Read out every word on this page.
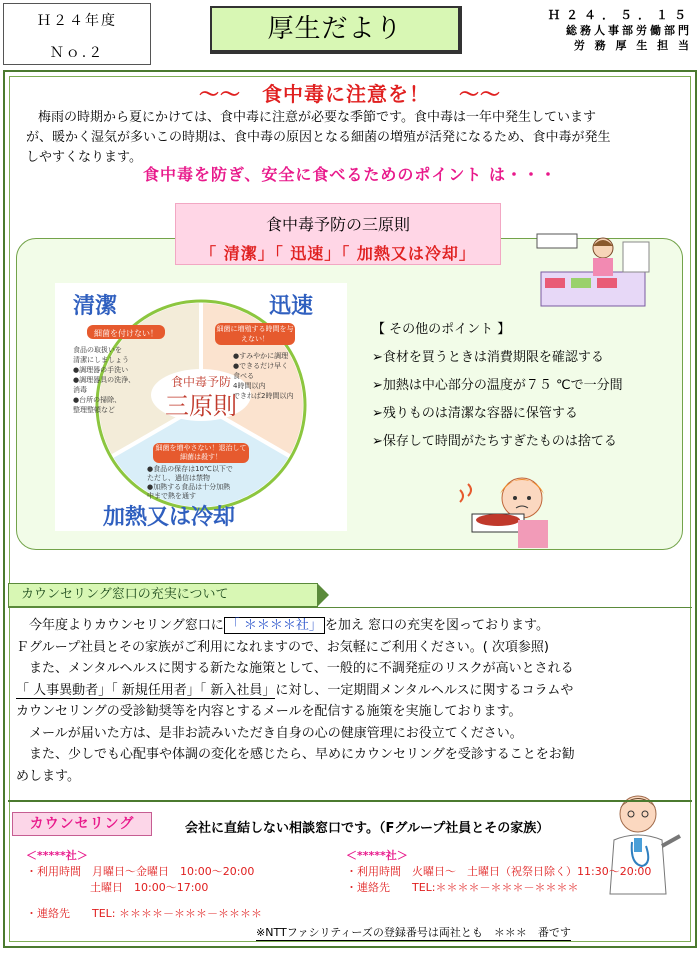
Ｈ２４年度
Ｎｏ.２
厚生だより	Ｈ２４．５．１５
総務人事部労働部門
労 務 厚 生 担 当
～～　食中毒に注意を！　 ～～

梅雨の時期から夏にかけては、食中毒に注意が必要な季節です。食中毒は一年中発生しています

が、暖かく湿気が多いこの時期は、食中毒の原因となる細菌の増殖が活発になるため、食中毒が発生
しやすくなります。
食中毒を防ぎ、安全に食べるためのポイント は・・・
食中毒予防の三原則
「 清潔」「 迅速」「 加熱又は冷却」
食中毒予防
三原則
清潔	迅速
加熱又は冷却
細菌を付けない！	細菌に増殖する時間を与えない！
細菌を増やさない！退治して細菌は殺す！
食品の取扱いを
清潔にしましょう
●調理器の手洗い
●調理器具の洗浄、
消毒
●台所の掃除、
整理整頓など
●すみやかに調理
●できるだけ早く
食べる
4時間以内
できれば2時間以内
●食品の保存は10℃以下で
ただし、過信は禁物
●加熱する食品は十分加熱
中まで熱を通す
【 その他のポイント 】
➢食材を買うときは消費期限を確認する
➢加熱は中心部分の温度が７５ ℃で一分間
➢残りものは清潔な容器に保管する
➢保存して時間がたちすぎたものは捨てる
カウンセリング窓口の充実について
　今年度よりカウンセリング窓口に 「 ＊＊＊＊社」 を加え 窓口の充実を図っております。
Ｆグループ社員とその家族がご利用になれますので、お気軽にご利用ください。( 次項参照)
　また、メンタルヘルスに関する新たな施策として、一般的に不調発症のリスクが高いとされる
「 人事異動者」「 新規任用者」「 新入社員」に対し、一定期間メンタルヘルスに関するコラムや
カウンセリングの受診勧奨等を内容とするメールを配信する施策を実施しております。
　メールが届いた方は、是非お読みいただき自身の心の健康管理にお役立てください。
　また、少しでも心配事や体調の変化を感じたら、早めにカウンセリングを受診することをお勧
めします。
カウンセリング	会社に直結しない相談窓口です。（Fグループ社員とその家族）
＜*****社＞
・利用時間　月曜日～金曜日　10:00～20:00
土曜日　10:00～17:00
・連絡先　　TEL: ＊＊＊＊－＊＊＊－＊＊＊＊
＜*****社＞
・利用時間　火曜日～　土曜日（祝祭日除く）11:30～20:00
・連絡先　　TEL:＊＊＊＊－＊＊＊－＊＊＊＊
※NTTファシリティーズの登録番号は両社とも　＊＊＊　番です
